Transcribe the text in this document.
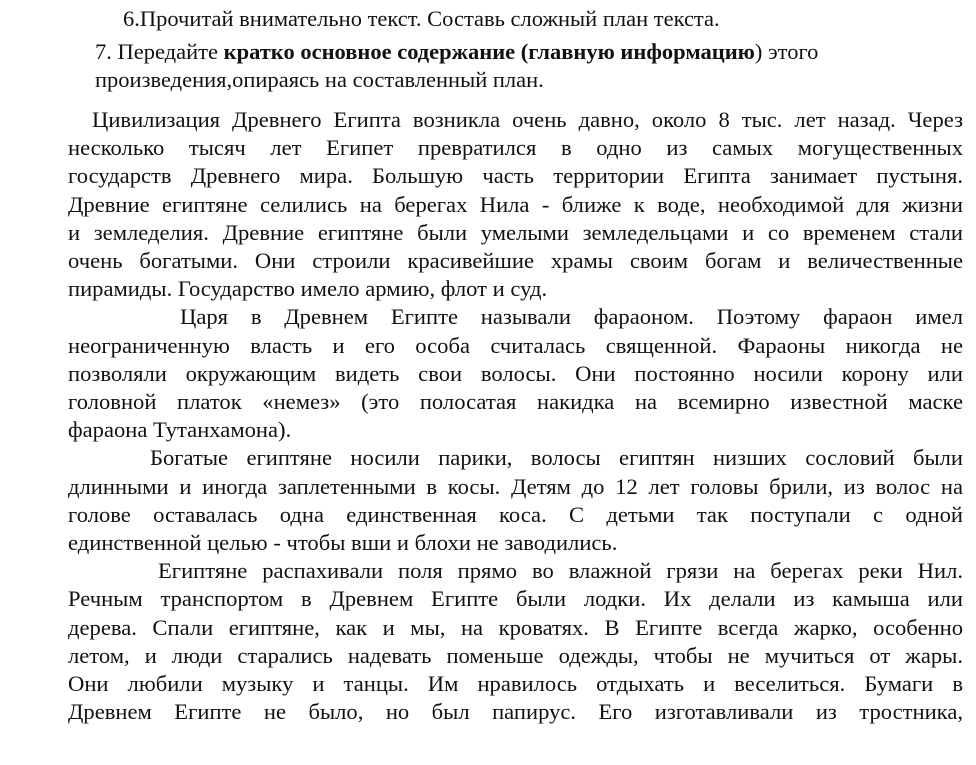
6.Прочитай внимательно текст. Составь сложный план текста.
7. Передайте кратко основное содержание (главную информацию) этого
произведения,опираясь на составленный план.
Цивилизация Древнего Египта возникла очень давно, около 8 тыс. лет назад. Через
несколько тысяч лет Египет превратился в одно из самых могущественных
государств Древнего мира. Большую часть территории Египта занимает пустыня.
Древние египтяне селились на берегах Нила - ближе к воде, необходимой для жизни
и земледелия. Древние египтяне были умелыми земледельцами и со временем стали
очень богатыми. Они строили красивейшие храмы своим богам и величественные
пирамиды. Государство имело армию, флот и суд.
Царя в Древнем Египте называли фараоном. Поэтому фараон имел
неограниченную власть и его особа считалась священной. Фараоны никогда не
позволяли окружающим видеть свои волосы. Они постоянно носили корону или
головной платок «немез» (это полосатая накидка на всемирно известной маске
фараона Тутанхамона).
Богатые египтяне носили парики, волосы египтян низших сословий были
длинными и иногда заплетенными в косы. Детям до 12 лет головы брили, из волос на
голове оставалась одна единственная коса. С детьми так поступали с одной
единственной целью - чтобы вши и блохи не заводились.
Египтяне распахивали поля прямо во влажной грязи на берегах реки Нил.
Речным транспортом в Древнем Египте были лодки. Их делали из камыша или
дерева. Спали египтяне, как и мы, на кроватях. В Египте всегда жарко, особенно
летом, и люди старались надевать поменьше одежды, чтобы не мучиться от жары.
Они любили музыку и танцы. Им нравилось отдыхать и веселиться. Бумаги в
Древнем Египте не было, но был папирус. Его изготавливали из тростника,
